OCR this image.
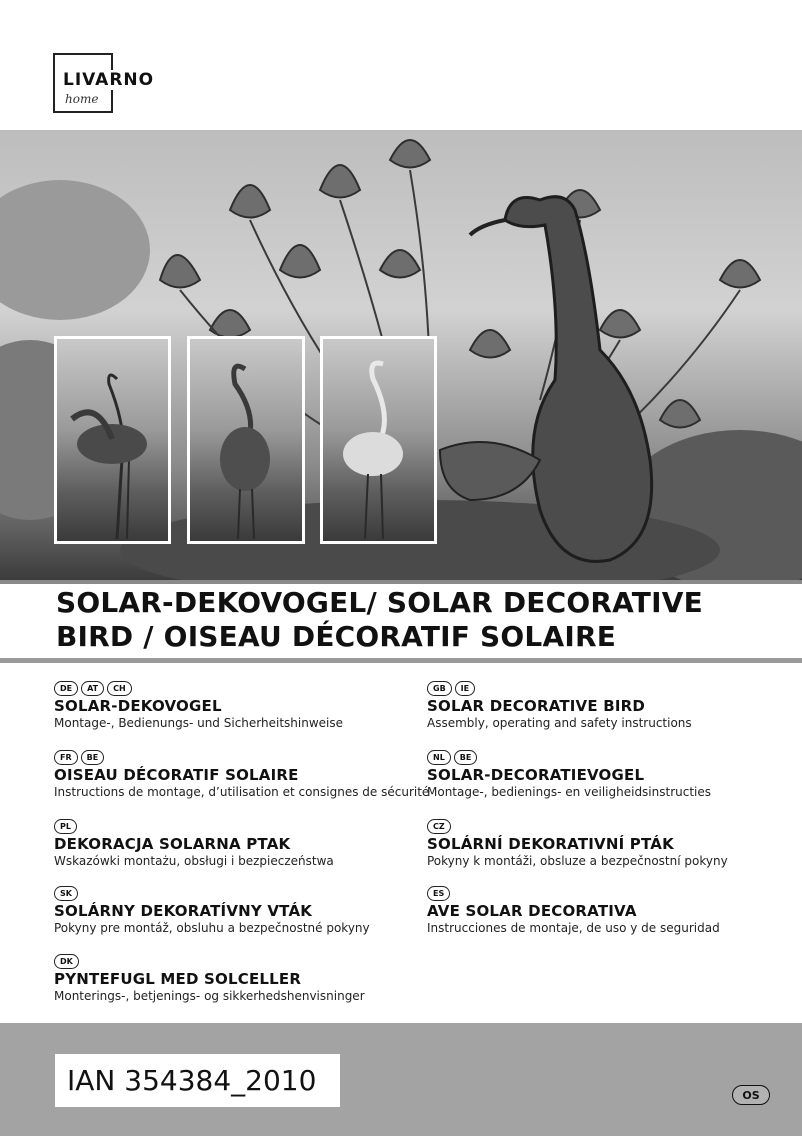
LIVARNO
home
SOLAR-DEKOVOGEL/ SOLAR DECORATIVE
BIRD / OISEAU DÉCORATIF SOLAIRE
DE	AT	CH
SOLAR-DEKOVOGEL
Montage-, Bedienungs- und Sicherheitshinweise
GB	IE
SOLAR DECORATIVE BIRD
Assembly, operating and safety instructions
FR	BE
OISEAU DÉCORATIF SOLAIRE
Instructions de montage, d’utilisation et consignes de sécurité
NL	BE
SOLAR-DECORATIEVOGEL
Montage-, bedienings- en veiligheidsinstructies
PL
DEKORACJA SOLARNA PTAK
Wskazówki montażu, obsługi i bezpieczeństwa
CZ
SOLÁRNÍ DEKORATIVNÍ PTÁK
Pokyny k montáži, obsluze a bezpečnostní pokyny
SK
SOLÁRNY DEKORATÍVNY VTÁK
Pokyny pre montáž, obsluhu a bezpečnostné pokyny
ES
AVE SOLAR DECORATIVA
Instrucciones de montaje, de uso y de seguridad
DK
PYNTEFUGL MED SOLCELLER
Monterings-, betjenings- og sikkerhedshenvisninger
IAN 354384_2010	OS
